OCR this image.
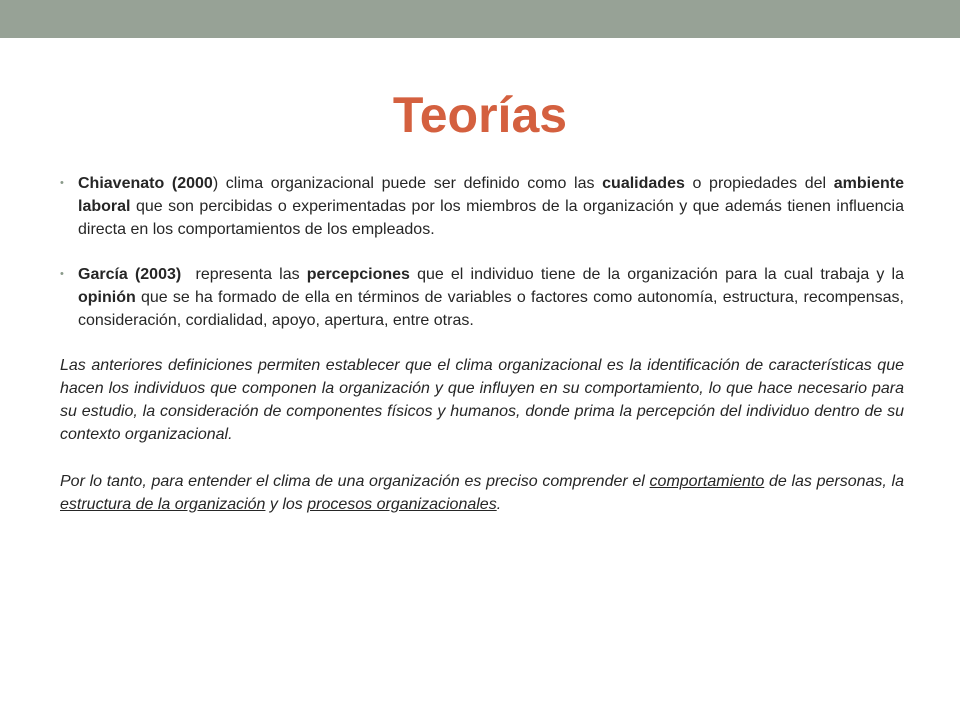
Teorías
• Chiavenato (2000) clima organizacional puede ser definido como las cualidades o propiedades del ambiente laboral que son percibidas o experimentadas por los miembros de la organización y que además tienen influencia directa en los comportamientos de los empleados.
• García (2003)  representa las percepciones que el individuo tiene de la organización para la cual trabaja y la opinión que se ha formado de ella en términos de variables o factores como autonomía, estructura, recompensas, consideración, cordialidad, apoyo, apertura, entre otras.

Las anteriores definiciones permiten establecer que el clima organizacional es la identificación de características que hacen los individuos que componen la organización y que influyen en su comportamiento, lo que hace necesario para su estudio, la consideración de componentes físicos y humanos, donde prima la percepción del individuo dentro de su contexto organizacional.

Por lo tanto, para entender el clima de una organización es preciso comprender el comportamiento de las personas, la estructura de la organización y los procesos organizacionales.
